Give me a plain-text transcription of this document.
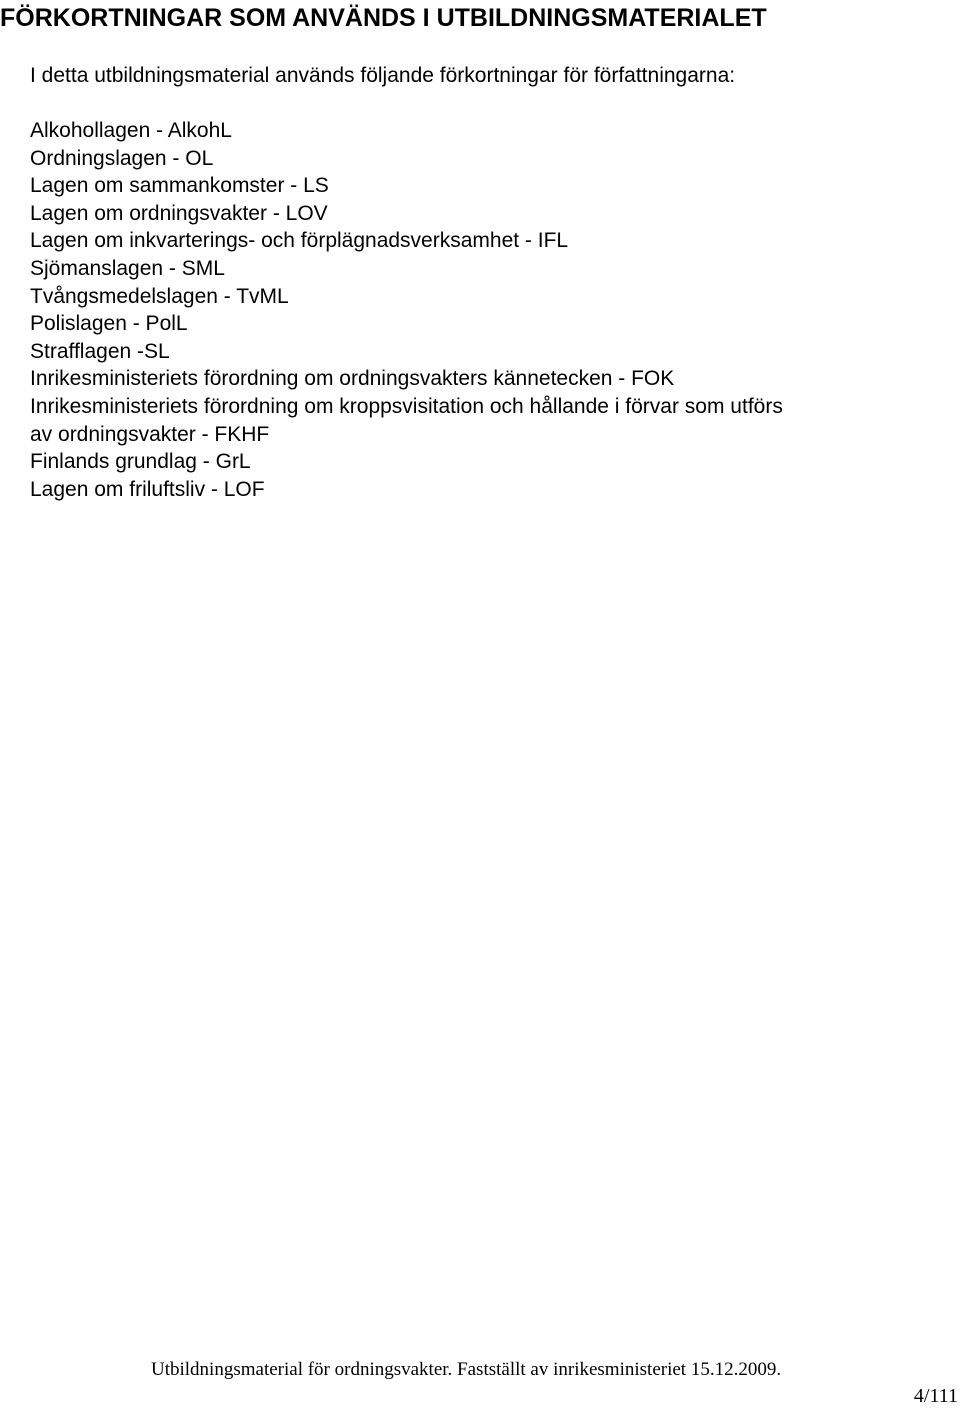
FÖRKORTNINGAR SOM ANVÄNDS I UTBILDNINGSMATERIALET

I detta utbildningsmaterial används följande förkortningar för författningarna:

Alkohollagen - AlkohL
Ordningslagen - OL
Lagen om sammankomster - LS
Lagen om ordningsvakter - LOV
Lagen om inkvarterings- och förplägnadsverksamhet - IFL
Sjömanslagen - SML
Tvångsmedelslagen - TvML
Polislagen - PolL
Strafflagen -SL
Inrikesministeriets förordning om ordningsvakters kännetecken - FOK
Inrikesministeriets förordning om kroppsvisitation och hållande i förvar som utförs
av ordningsvakter - FKHF
Finlands grundlag - GrL
Lagen om friluftsliv - LOF

Utbildningsmaterial för ordningsvakter. Fastställt av inrikesministeriet 15.12.2009.

4/111
